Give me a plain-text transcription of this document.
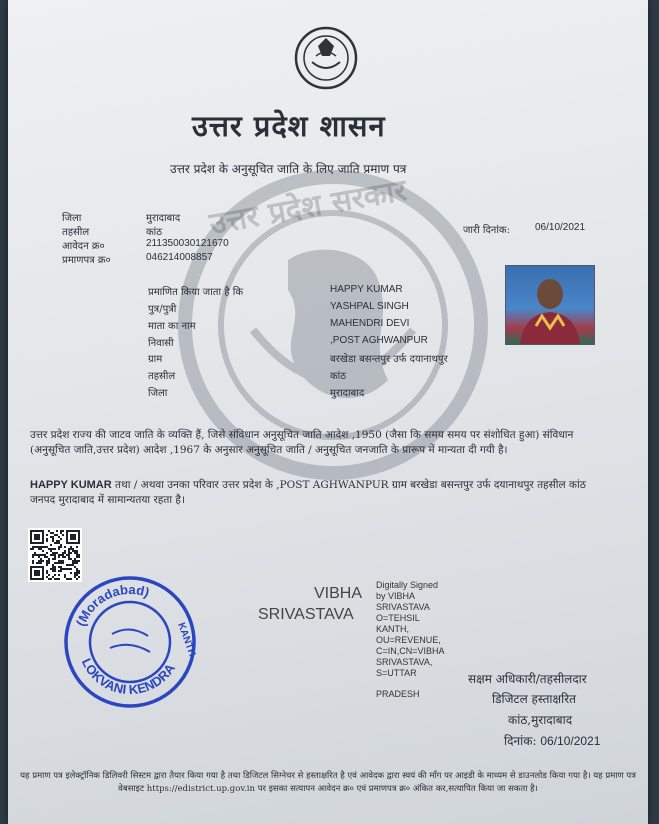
उत्तर प्रदेश सरकार
उत्तर प्रदेश शासन
उत्तर प्रदेश के अनुसूचित जाति के लिए जाति प्रमाण पत्र
जिला	मुरादाबाद
तहसील	कांठ
आवेदन क्र०	211350030121670
प्रमाणपत्र क्र०	046214008857
जारी दिनांक:	06/10/2021
प्रमाणित किया जाता है कि	HAPPY KUMAR
पुत्र/पुत्री	YASHPAL SINGH
माता का नाम	MAHENDRI DEVI
निवासी	,POST AGHWANPUR
ग्राम	बरखेडा बसन्तपुर उर्फ दयानाथपुर
तहसील	कांठ
जिला	मुरादाबाद
उत्तर प्रदेश राज्य की जाटव जाति के व्यक्ति हैं, जिसे संविधान अनुसूचित जाति आदेश ,1950 (जैसा कि समय समय पर संशोधित हुआ) संविधान (अनुसूचित जाति,उत्तर प्रदेश) आदेश ,1967 के अनुसार अनुसूचित जाति / अनुसूचित जनजाति के प्रारूप में मान्यता दी गयी है।
HAPPY KUMAR तथा / अथवा उनका परिवार उत्तर प्रदेश के ,POST AGHWANPUR ग्राम बरखेडा बसन्तपुर उर्फ दयानाथपुर तहसील कांठ जनपद मुरादाबाद में सामान्यतया रहता है।
(Moradabad)
LOKVANI KENDRA
KANTH
VIBHA
SRIVASTAVA
Digitally Signed
by VIBHA
SRIVASTAVA
O=TEHSIL
KANTH,
OU=REVENUE,
C=IN,CN=VIBHA
SRIVASTAVA,
S=UTTAR
PRADESH
सक्षम अधिकारी/तहसीलदार
डिजिटल हस्ताक्षरित
कांठ,मुरादाबाद
दिनांक: 06/10/2021
यह प्रमाण पत्र इलेक्ट्रॉनिक डिलिवरी सिस्टम द्वारा तैयार किया गया है तथा डिजिटल सिग्नेचर से हस्ताक्षरित है एवं आवेदक द्वारा स्वयं की माँग पर आइडी के माध्यम से डाउनलोड किया गया है। यह प्रमाण पत्र वेबसाइट https://edistrict.up.gov.in पर इसका सत्यापन आवेदन क्र० एवं प्रमाणपत्र क्र० अंकित कर,सत्यापित किया जा सकता है।
